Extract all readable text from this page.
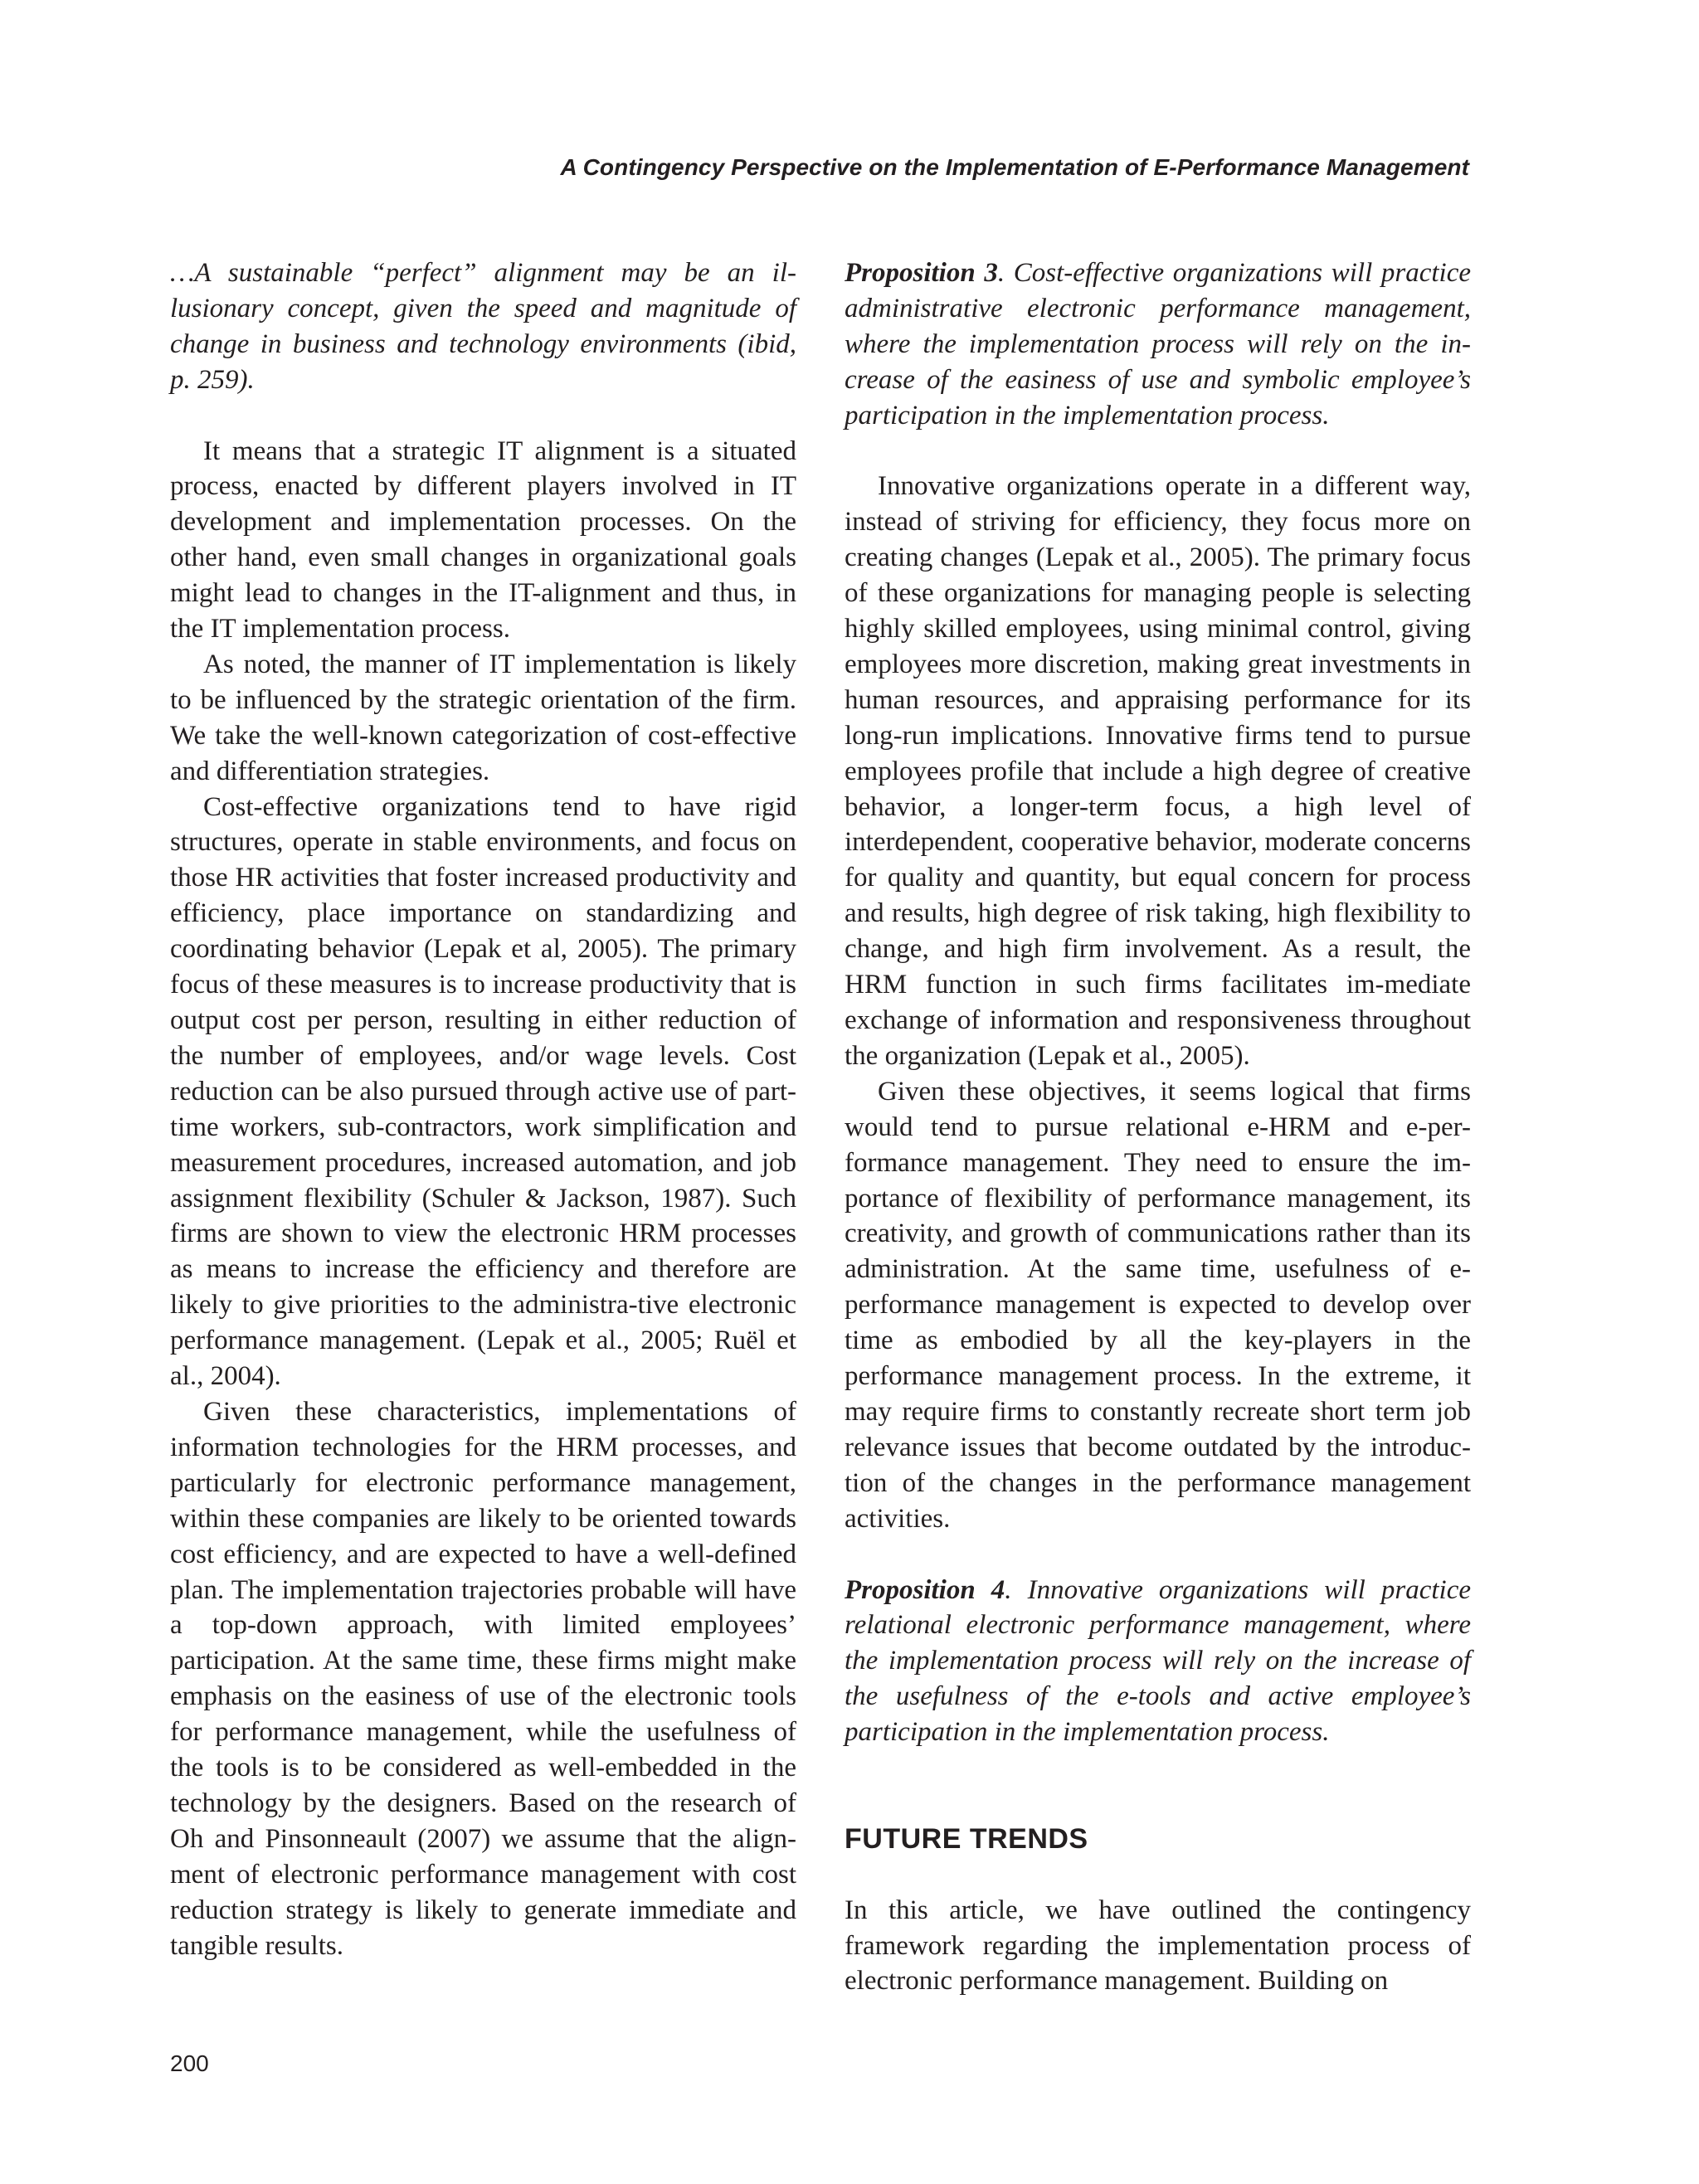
A Contingency Perspective on the Implementation of E-Performance Management

…A sustainable “perfect” alignment may be an il-lusionary concept, given the speed and magnitude of change in business and technology environments (ibid, p. 259).

It means that a strategic IT alignment is a situated process, enacted by different players involved in IT development and implementation processes. On the other hand, even small changes in organizational goals might lead to changes in the IT-alignment and thus, in the IT implementation process.

As noted, the manner of IT implementation is likely to be influenced by the strategic orientation of the firm. We take the well-known categorization of cost-effective and differentiation strategies.

Cost-effective organizations tend to have rigid structures, operate in stable environments, and focus on those HR activities that foster increased productivity and efficiency, place importance on standardizing and coordinating behavior (Lepak et al, 2005). The primary focus of these measures is to increase productivity that is output cost per person, resulting in either reduction of the number of employees, and/or wage levels. Cost reduction can be also pursued through active use of part-time workers, sub-contractors, work simplification and measurement procedures, increased automation, and job assignment flexibility (Schuler & Jackson, 1987). Such firms are shown to view the electronic HRM processes as means to increase the efficiency and therefore are likely to give priorities to the administra-tive electronic performance management. (Lepak et al., 2005; Ruël et al., 2004).

Given these characteristics, implementations of information technologies for the HRM processes, and particularly for electronic performance management, within these companies are likely to be oriented towards cost efficiency, and are expected to have a well-defined plan. The implementation trajectories probable will have a top-down approach, with limited employees’ participation. At the same time, these firms might make emphasis on the easiness of use of the electronic tools for performance management, while the usefulness of the tools is to be considered as well-embedded in the technology by the designers. Based on the research of Oh and Pinsonneault (2007) we assume that the align-ment of electronic performance management with cost reduction strategy is likely to generate immediate and tangible results.

Proposition 3. Cost-effective organizations will practice administrative electronic performance management, where the implementation process will rely on the in-crease of the easiness of use and symbolic employee’s participation in the implementation process.

Innovative organizations operate in a different way, instead of striving for efficiency, they focus more on creating changes (Lepak et al., 2005). The primary focus of these organizations for managing people is selecting highly skilled employees, using minimal control, giving employees more discretion, making great investments in human resources, and appraising performance for its long-run implications. Innovative firms tend to pursue employees profile that include a high degree of creative behavior, a longer-term focus, a high level of interdependent, cooperative behavior, moderate concerns for quality and quantity, but equal concern for process and results, high degree of risk taking, high flexibility to change, and high firm involvement. As a result, the HRM function in such firms facilitates im-mediate exchange of information and responsiveness throughout the organization (Lepak et al., 2005).

Given these objectives, it seems logical that firms would tend to pursue relational e-HRM and e-per-formance management. They need to ensure the im-portance of flexibility of performance management, its creativity, and growth of communications rather than its administration. At the same time, usefulness of e-performance management is expected to develop over time as embodied by all the key-players in the performance management process. In the extreme, it may require firms to constantly recreate short term job relevance issues that become outdated by the introduc-tion of the changes in the performance management activities.

Proposition 4. Innovative organizations will practice relational electronic performance management, where the implementation process will rely on the increase of the usefulness of the e-tools and active employee’s participation in the implementation process.

FUTURE TRENDS

In this article, we have outlined the contingency framework regarding the implementation process of electronic performance management. Building on

200
